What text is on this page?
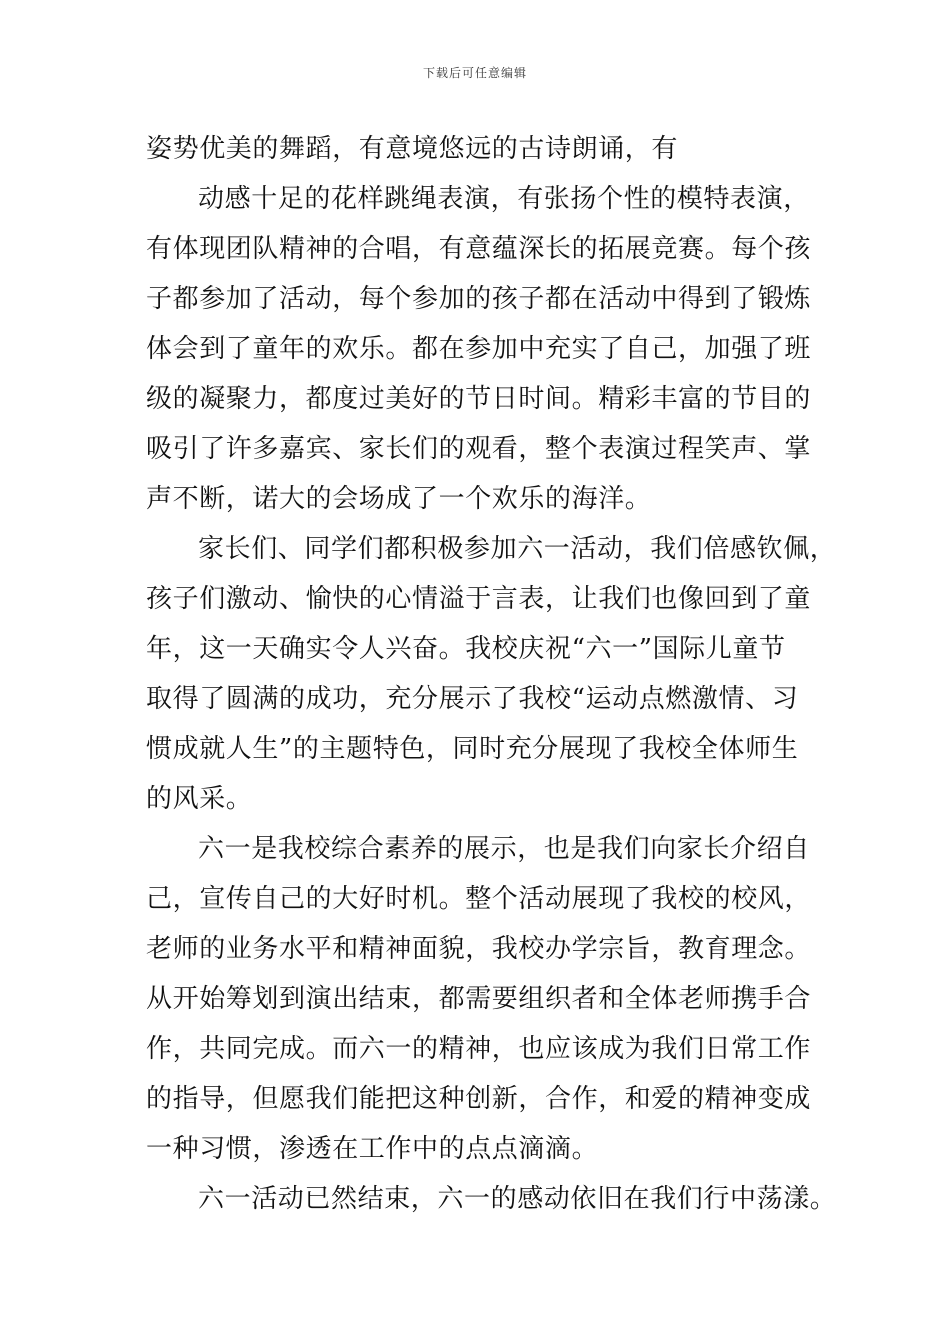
下载后可任意编辑
姿势优美的舞蹈，有意境悠远的古诗朗诵，有
动感十足的花样跳绳表演，有张扬个性的模特表演，
有体现团队精神的合唱，有意蕴深长的拓展竞赛。每个孩
子都参加了活动，每个参加的孩子都在活动中得到了锻炼
体会到了童年的欢乐。都在参加中充实了自己，加强了班
级的凝聚力，都度过美好的节日时间。精彩丰富的节目的
吸引了许多嘉宾、家长们的观看，整个表演过程笑声、掌
声不断，诺大的会场成了一个欢乐的海洋。
家长们、同学们都积极参加六一活动，我们倍感钦佩，
孩子们激动、愉快的心情溢于言表，让我们也像回到了童
年，这一天确实令人兴奋。我校庆祝“六一”国际儿童节
取得了圆满的成功，充分展示了我校“运动点燃激情、习
惯成就人生”的主题特色，同时充分展现了我校全体师生
的风采。
六一是我校综合素养的展示，也是我们向家长介绍自
己，宣传自己的大好时机。整个活动展现了我校的校风，
老师的业务水平和精神面貌，我校办学宗旨，教育理念。
从开始筹划到演出结束，都需要组织者和全体老师携手合
作，共同完成。而六一的精神，也应该成为我们日常工作
的指导，但愿我们能把这种创新，合作，和爱的精神变成
一种习惯，渗透在工作中的点点滴滴。
六一活动已然结束，六一的感动依旧在我们行中荡漾。
